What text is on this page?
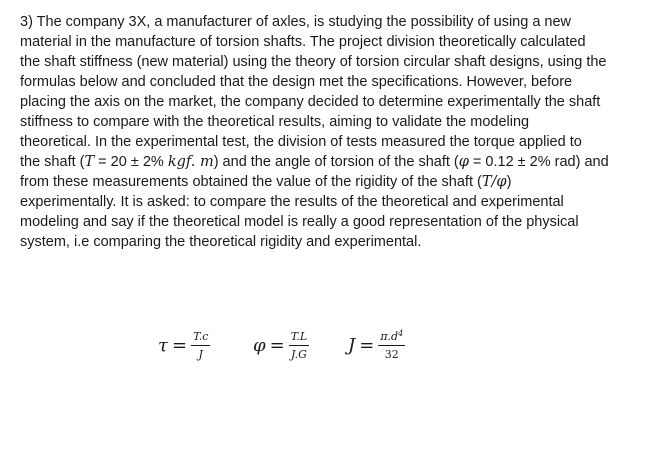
3) The company 3X, a manufacturer of axles, is studying the possibility of using a new
material in the manufacture of torsion shafts. The project division theoretically calculated
the shaft stiffness (new material) using the theory of torsion circular shaft designs, using the
formulas below and concluded that the design met the specifications. However, before
placing the axis on the market, the company decided to determine experimentally the shaft
stiffness to compare with the theoretical results, aiming to validate the modeling
theoretical. In the experimental test, the division of tests measured the torque applied to
the shaft (T = 20 ± 2% kgf. m) and the angle of torsion of the shaft (φ = 0.12 ± 2% rad) and
from these measurements obtained the value of the rigidity of the shaft (T/φ)
experimentally. It is asked: to compare the results of the theoretical and experimental
modeling and say if the theoretical model is really a good representation of the physical
system, i.e comparing the theoretical rigidity and experimental.
$\tau = \frac{T.c}{J}$ $\varphi = \frac{T.L}{J.G}$ $J = \frac{\pi.d^4}{32}$
